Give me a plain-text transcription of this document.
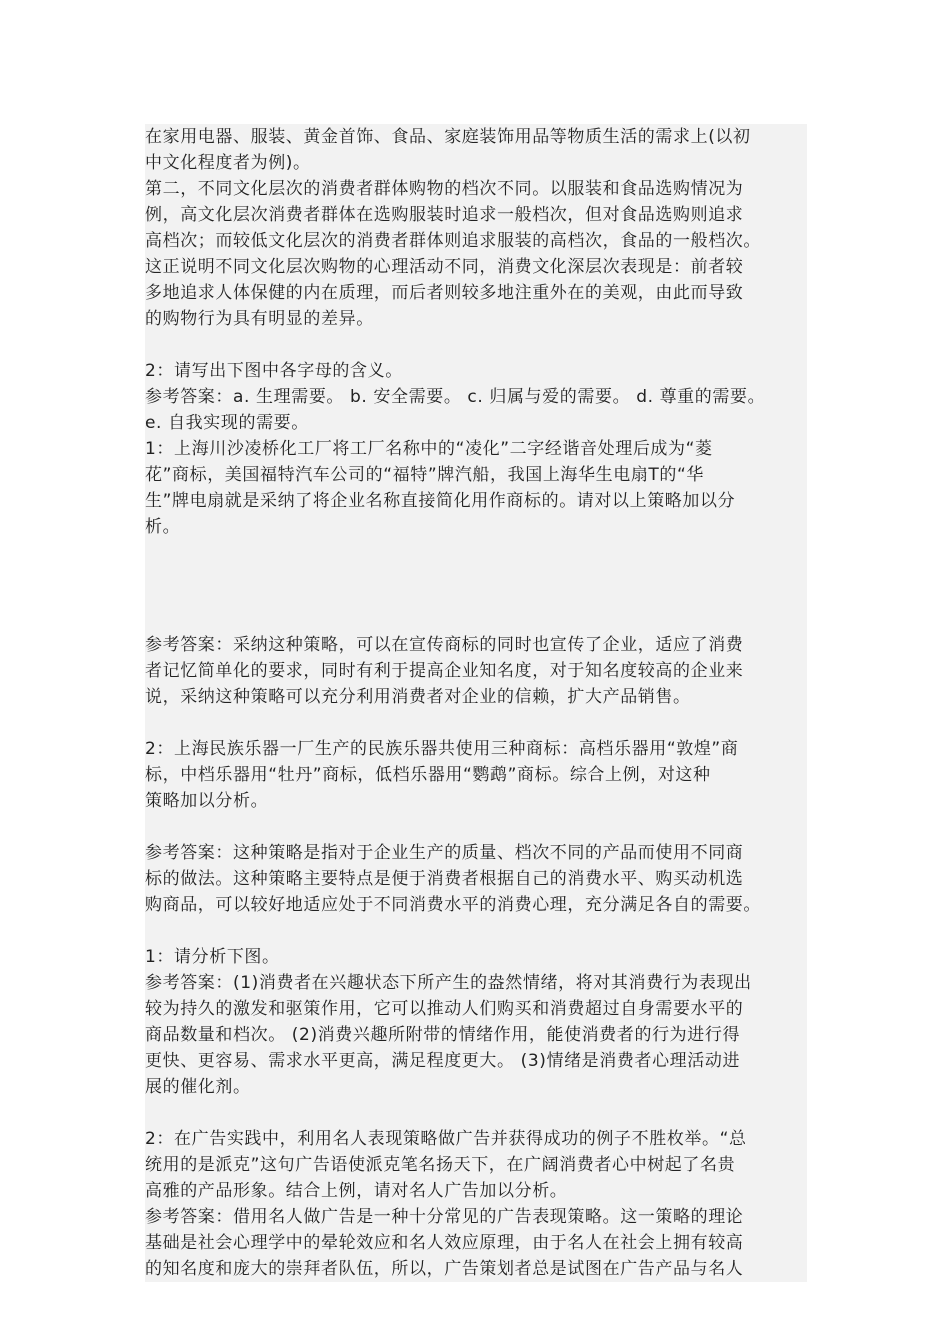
在家用电器、服装、黄金首饰、食品、家庭装饰用品等物质生活的需求上(以初
中文化程度者为例)。
第二，不同文化层次的消费者群体购物的档次不同。以服装和食品选购情况为
例，高文化层次消费者群体在选购服装时追求一般档次，但对食品选购则追求
高档次；而较低文化层次的消费者群体则追求服装的高档次，食品的一般档次。
这正说明不同文化层次购物的心理活动不同，消费文化深层次表现是：前者较
多地追求人体保健的内在质理，而后者则较多地注重外在的美观，由此而导致
的购物行为具有明显的差异。
2：请写出下图中各字母的含义。
参考答案：a. 生理需要。 b. 安全需要。 c. 归属与爱的需要。 d. 尊重的需要。
e. 自我实现的需要。
1：上海川沙凌桥化工厂将工厂名称中的“凌化”二字经谐音处理后成为“菱
花”商标，美国福特汽车公司的“福特”牌汽船，我国上海华生电扇T的“华
生”牌电扇就是采纳了将企业名称直接简化用作商标的。请对以上策略加以分
析。
参考答案：采纳这种策略，可以在宣传商标的同时也宣传了企业，适应了消费
者记忆简单化的要求，同时有利于提高企业知名度，对于知名度较高的企业来
说，采纳这种策略可以充分利用消费者对企业的信赖，扩大产品销售。
2：上海民族乐器一厂生产的民族乐器共使用三种商标：高档乐器用“敦煌”商
标，中档乐器用“牡丹”商标，低档乐器用“鹦鹉”商标。综合上例，对这种
策略加以分析。
参考答案：这种策略是指对于企业生产的质量、档次不同的产品而使用不同商
标的做法。这种策略主要特点是便于消费者根据自己的消费水平、购买动机选
购商品，可以较好地适应处于不同消费水平的消费心理，充分满足各自的需要。
1：请分析下图。
参考答案：(1)消费者在兴趣状态下所产生的盎然情绪，将对其消费行为表现出
较为持久的激发和驱策作用，它可以推动人们购买和消费超过自身需要水平的
商品数量和档次。 (2)消费兴趣所附带的情绪作用，能使消费者的行为进行得
更快、更容易、需求水平更高，满足程度更大。 (3)情绪是消费者心理活动进
展的催化剂。
2：在广告实践中，利用名人表现策略做广告并获得成功的例子不胜枚举。“总
统用的是派克”这句广告语使派克笔名扬天下，在广阔消费者心中树起了名贵
高雅的产品形象。结合上例，请对名人广告加以分析。
参考答案：借用名人做广告是一种十分常见的广告表现策略。这一策略的理论
基础是社会心理学中的晕轮效应和名人效应原理，由于名人在社会上拥有较高
的知名度和庞大的崇拜者队伍，所以，广告策划者总是试图在广告产品与名人
